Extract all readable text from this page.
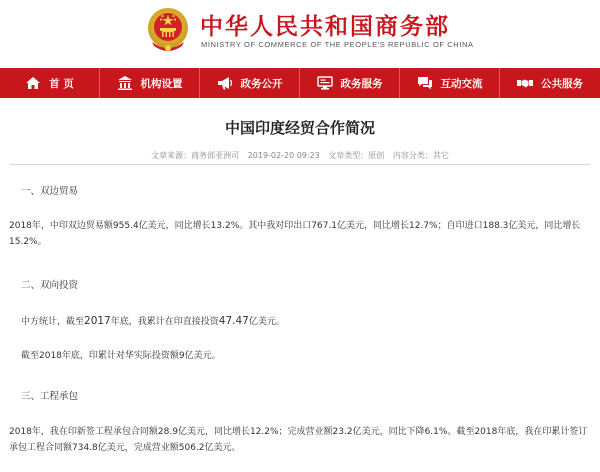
中华人民共和国商务部
MINISTRY OF COMMERCE OF THE PEOPLE'S REPUBLIC OF CHINA
首 页	机构设置	政务公开	政务服务	互动交流	公共服务
中国印度经贸合作简况
文章来源：商务部亚洲司 2019-02-20 09:23 文章类型：原创 内容分类：其它
一、双边贸易
2018年，中印双边贸易额955.4亿美元，同比增长13.2%。其中我对印出口767.1亿美元，同比增长12.7%；自印进口188.3亿美元，同比增长15.2%。
二、双向投资
中方统计，截至2017年底，我累计在印直接投资47.47亿美元。
截至2018年底，印累计对华实际投资额9亿美元。
三、工程承包
2018年，我在印新签工程承包合同额28.9亿美元，同比增长12.2%；完成营业额23.2亿美元，同比下降6.1%。截至2018年底，我在印累计签订承包工程合同额734.8亿美元，完成营业额506.2亿美元。
